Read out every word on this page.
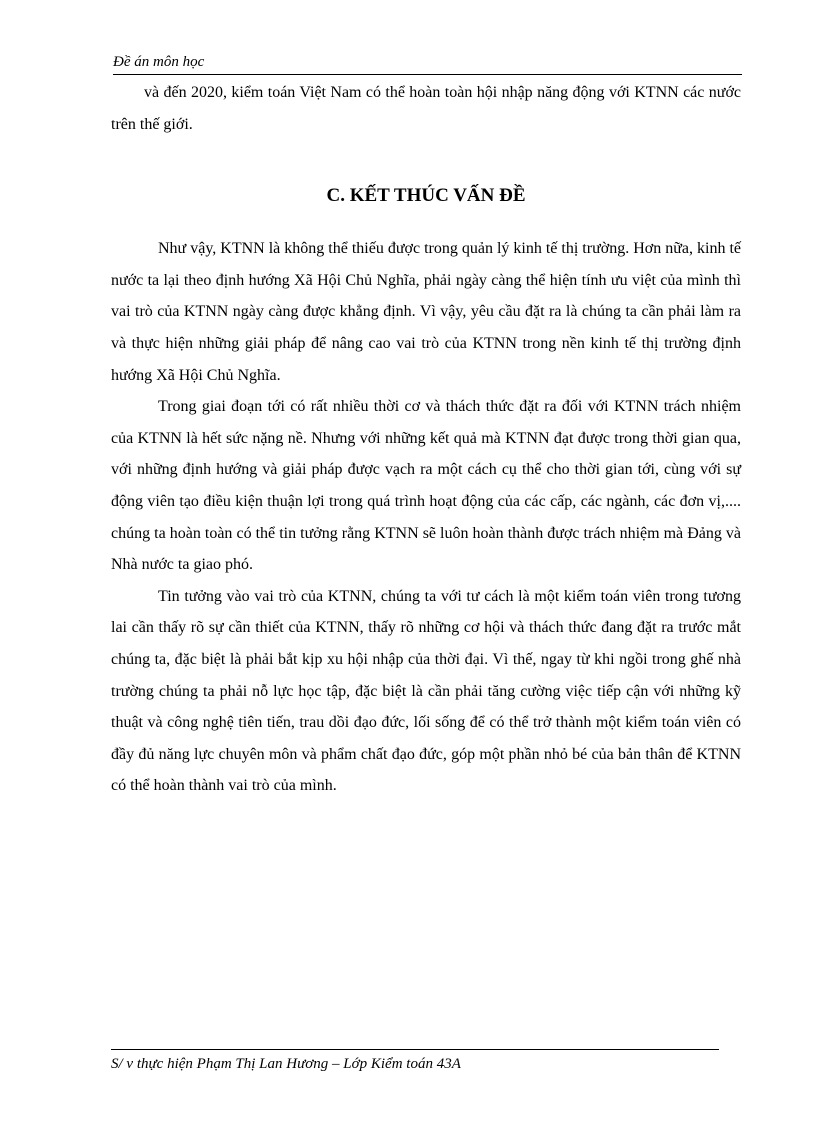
Đề án môn học

và đến 2020, kiểm toán Việt Nam có thể hoàn toàn hội nhập năng động với KTNN các nước trên thế giới.

C. KẾT THÚC VẤN ĐỀ

Như vậy, KTNN là không thể thiếu được trong quản lý kinh tế thị trường. Hơn nữa, kinh tế nước ta lại theo định hướng Xã Hội Chủ Nghĩa, phải ngày càng thể hiện tính ưu việt của mình thì vai trò của KTNN ngày càng được khẳng định. Vì vậy, yêu cầu đặt ra là chúng ta cần phải làm ra và thực hiện những giải pháp để nâng cao vai trò của KTNN trong nền kinh tế thị trường định hướng Xã Hội Chủ Nghĩa.

Trong giai đoạn tới có rất nhiều thời cơ và thách thức đặt ra đối với KTNN trách nhiệm của KTNN là hết sức nặng nề. Nhưng với những kết quả mà KTNN đạt được trong thời gian qua, với những định hướng và giải pháp được vạch ra một cách cụ thể cho thời gian tới, cùng với sự động viên tạo điều kiện thuận lợi trong quá trình hoạt động của các cấp, các ngành, các đơn vị,.... chúng ta hoàn toàn có thể tin tưởng rằng KTNN sẽ luôn hoàn thành được trách nhiệm mà Đảng và Nhà nước ta giao phó.

Tin tưởng vào vai trò của KTNN, chúng ta với tư cách là một kiểm toán viên trong tương lai cần thấy rõ sự cần thiết của KTNN, thấy rõ những cơ hội và thách thức đang đặt ra trước mắt chúng ta, đặc biệt là phải bắt kịp xu hội nhập của thời đại. Vì thế, ngay từ khi ngồi trong ghế nhà trường chúng ta phải nỗ lực học tập, đặc biệt là cần phải tăng cường việc tiếp cận với những kỹ thuật và công nghệ tiên tiến, trau dồi đạo đức, lối sống để có thể trở thành một kiểm toán viên có đầy đủ năng lực chuyên môn và phẩm chất đạo đức, góp một phần nhỏ bé của bản thân để KTNN có thể hoàn thành vai trò của mình.

S/ v thực hiện Phạm Thị Lan Hương – Lớp Kiểm toán 43A
